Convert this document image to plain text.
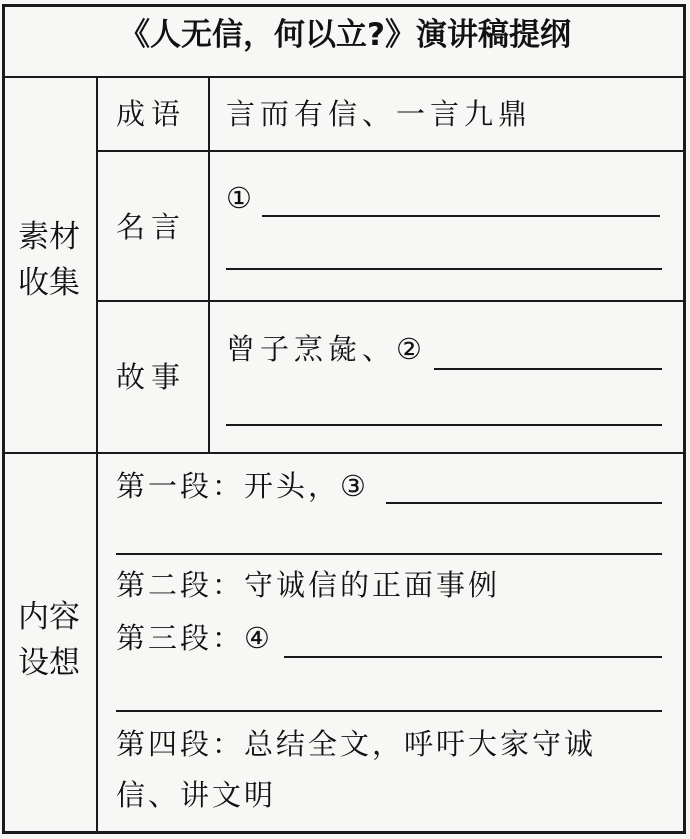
《人无信，何以立?》演讲稿提纲
素材收集
成语 言而有信、一言九鼎
名言
①
故事
曾子烹彘、②
内容设想
第一段：开头，③
第二段：守诚信的正面事例
第三段：④
第四段：总结全文，呼吁大家守诚
信、讲文明
